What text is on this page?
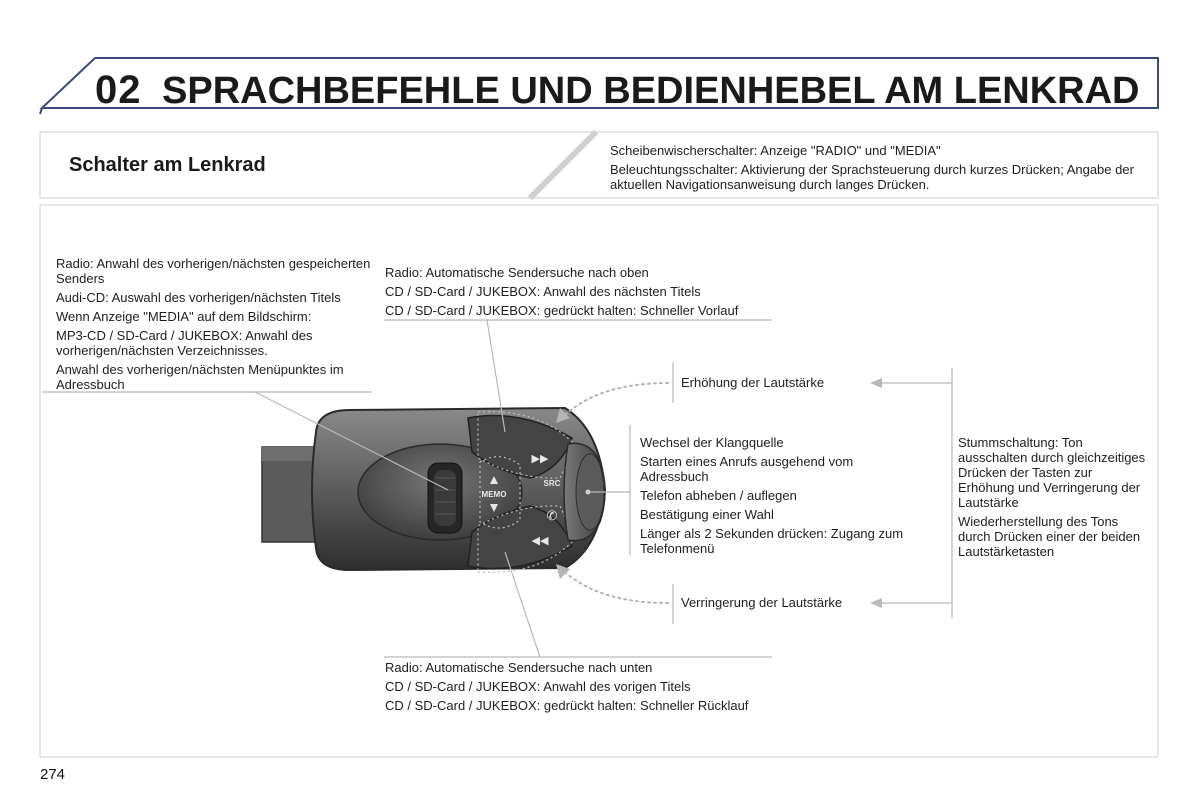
02 SPRACHBEFEHLE UND BEDIENHEBEL AM LENKRAD
Schalter am Lenkrad

Scheibenwischerschalter: Anzeige "RADIO" und "MEDIA"

Beleuchtungsschalter: Aktivierung der Sprachsteuerung durch kurzes Drücken; Angabe der aktuellen Navigationsanweisung durch langes Drücken.

MEMO
▶▶
◀◀
SRC
✆

Radio: Anwahl des vorherigen/nächsten gespeicherten Senders

Audi-CD: Auswahl des vorherigen/nächsten Titels

Wenn Anzeige "MEDIA" auf dem Bildschirm:

MP3-CD / SD-Card / JUKEBOX: Anwahl des vorherigen/nächsten Verzeichnisses.

Anwahl des vorherigen/nächsten Menüpunktes im Adressbuch

Radio: Automatische Sendersuche nach oben

CD / SD-Card / JUKEBOX: Anwahl des nächsten Titels

CD / SD-Card / JUKEBOX: gedrückt halten: Schneller Vorlauf

Erhöhung der Lautstärke
Verringerung der Lautstärke

Wechsel der Klangquelle

Starten eines Anrufs ausgehend vom Adressbuch

Telefon abheben / auflegen

Bestätigung einer Wahl

Länger als 2 Sekunden drücken: Zugang zum Telefonmenü

Stummschaltung: Ton ausschalten durch gleichzeitiges Drücken der Tasten zur Erhöhung und Verringerung der Lautstärke

Wiederherstellung des Tons durch Drücken einer der beiden Lautstärketasten

Radio: Automatische Sendersuche nach unten

CD / SD-Card / JUKEBOX: Anwahl des vorigen Titels

CD / SD-Card / JUKEBOX: gedrückt halten: Schneller Rücklauf

274
